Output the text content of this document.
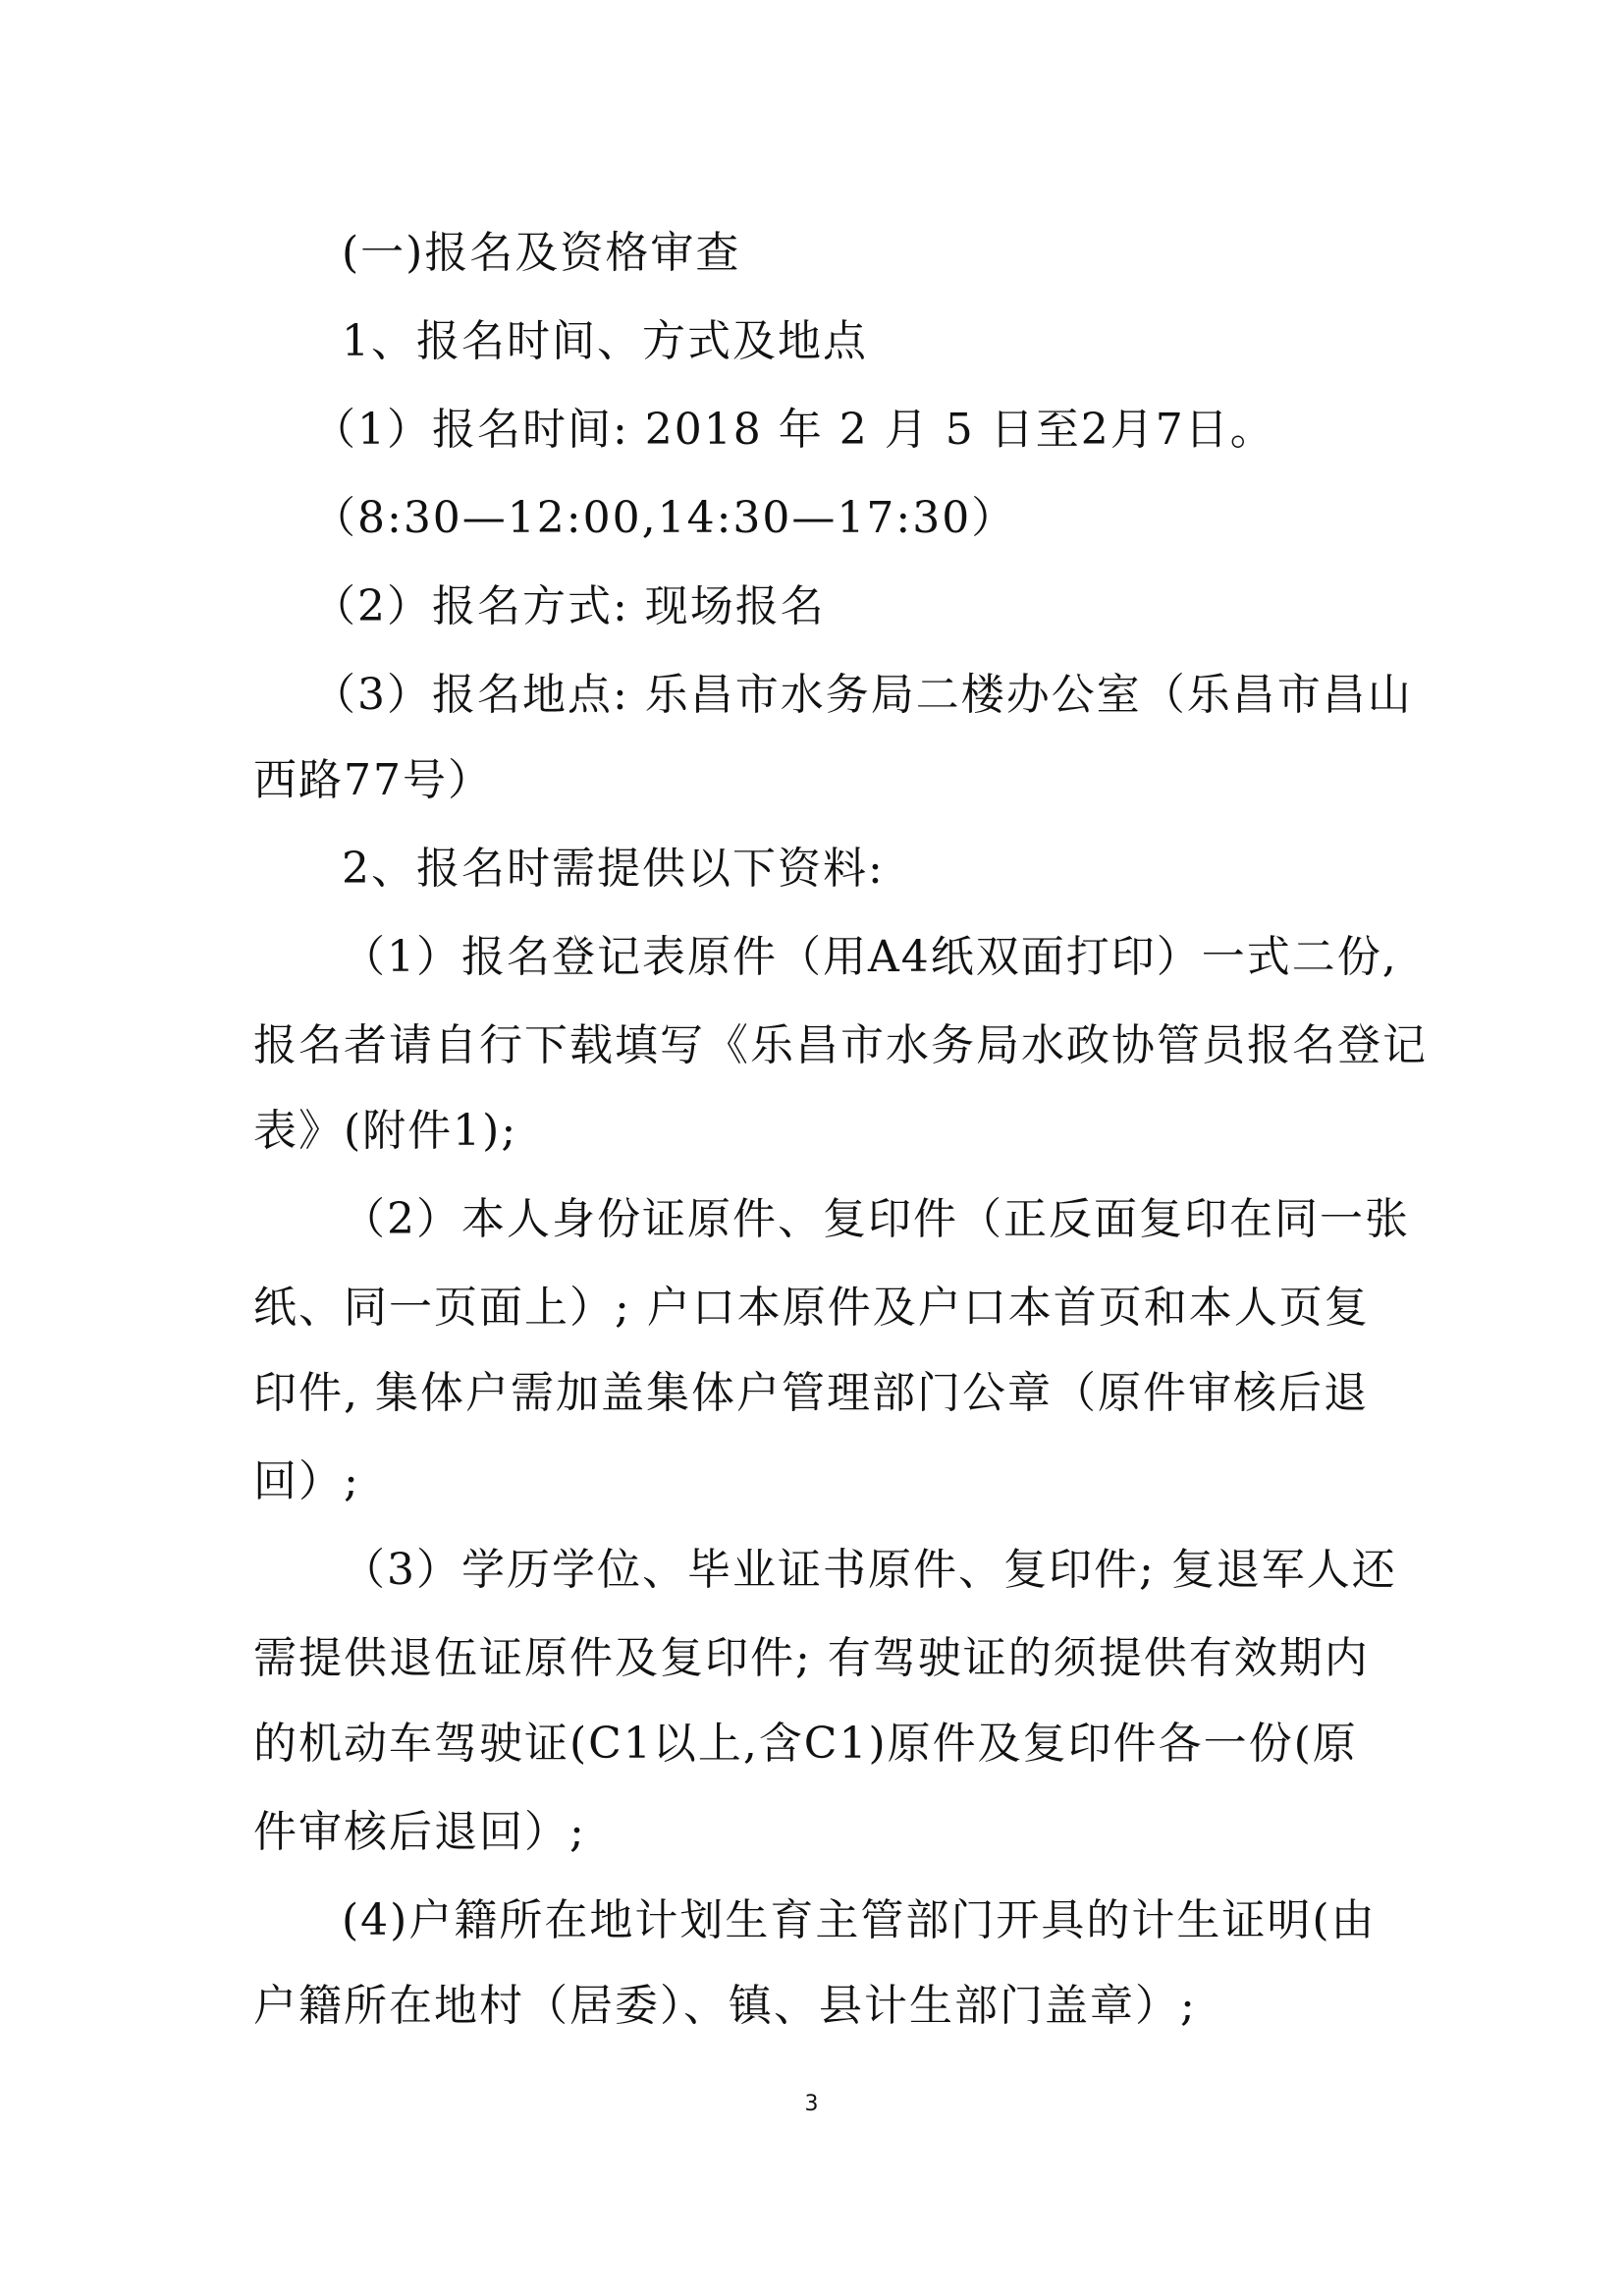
(一)报名及资格审查
1、报名时间、方式及地点
（1）报名时间: 2018 年 2 月 5 日至2月7日。
（8:30—12:00,14:30—17:30）
（2）报名方式: 现场报名
（3）报名地点: 乐昌市水务局二楼办公室（乐昌市昌山
西路77号）
2、报名时需提供以下资料:
（1）报名登记表原件（用A4纸双面打印）一式二份,
报名者请自行下载填写《乐昌市水务局水政协管员报名登记
表》(附件1);
（2）本人身份证原件、复印件（正反面复印在同一张
纸、同一页面上）; 户口本原件及户口本首页和本人页复
印件, 集体户需加盖集体户管理部门公章（原件审核后退
回）;
（3）学历学位、毕业证书原件、复印件; 复退军人还
需提供退伍证原件及复印件; 有驾驶证的须提供有效期内
的机动车驾驶证(C1以上,含C1)原件及复印件各一份(原
件审核后退回）;
(4)户籍所在地计划生育主管部门开具的计生证明(由
户籍所在地村（居委）、镇、县计生部门盖章）;
3
